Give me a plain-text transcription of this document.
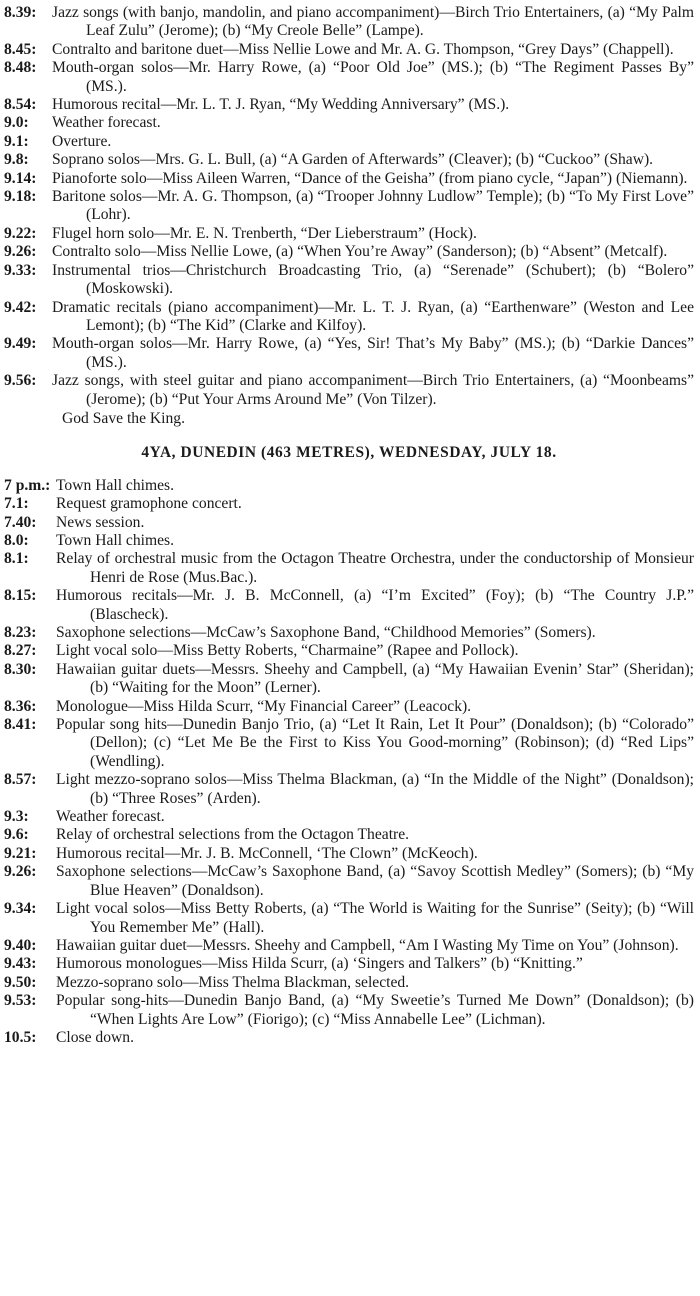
8.39: Jazz songs (with banjo, mandolin, and piano accompaniment)—Birch Trio Entertainers, (a) “My Palm Leaf Zulu” (Jerome); (b) “My Creole Belle” (Lampe).
8.45: Contralto and baritone duet—Miss Nellie Lowe and Mr. A. G. Thompson, “Grey Days” (Chappell).
8.48: Mouth-organ solos—Mr. Harry Rowe, (a) “Poor Old Joe” (MS.); (b) “The Regiment Passes By” (MS.).
8.54: Humorous recital—Mr. L. T. J. Ryan, “My Wedding Anniversary” (MS.).
9.0:	Weather forecast.
9.1:	Overture.
9.8:	Soprano solos—Mrs. G. L. Bull, (a) “A Garden of Afterwards” (Cleaver); (b) “Cuckoo” (Shaw).
9.14: Pianoforte solo—Miss Aileen Warren, “Dance of the Geisha” (from piano cycle, “Japan”) (Niemann).
9.18: Baritone solos—Mr. A. G. Thompson, (a) “Trooper Johnny Ludlow” Temple); (b) “To My First Love” (Lohr).
9.22: Flugel horn solo—Mr. E. N. Trenberth, “Der Lieberstraum” (Hock).
9.26: Contralto solo—Miss Nellie Lowe, (a) “When You’re Away” (Sanderson); (b) “Absent” (Metcalf).
9.33: Instrumental trios—Christchurch Broadcasting Trio, (a) “Serenade” (Schubert); (b) “Bolero” (Moskowski).
9.42: Dramatic recitals (piano accompaniment)—Mr. L. T. J. Ryan, (a) “Earthenware” (Weston and Lee Lemont); (b) “The Kid” (Clarke and Kilfoy).
9.49: Mouth-organ solos—Mr. Harry Rowe, (a) “Yes, Sir! That’s My Baby” (MS.); (b) “Darkie Dances” (MS.).
9.56: Jazz songs, with steel guitar and piano accompaniment—Birch Trio Entertainers, (a) “Moonbeams” (Jerome); (b) “Put Your Arms Around Me” (Von Tilzer).
God Save the King.
4YA, DUNEDIN (463 METRES), WEDNESDAY, JULY 18.
7 p.m.: Town Hall chimes.
7.1:	Request gramophone concert.
7.40:	News session.
8.0:	Town Hall chimes.
8.1:	Relay of orchestral music from the Octagon Theatre Orchestra, under the conductorship of Monsieur Henri de Rose (Mus.Bac.).
8.15:	Humorous recitals—Mr. J. B. McConnell, (a) “I’m Excited” (Foy); (b) “The Country J.P.” (Blascheck).
8.23:	Saxophone selections—McCaw’s Saxophone Band, “Childhood Memories” (Somers).
8.27:	Light vocal solo—Miss Betty Roberts, “Charmaine” (Rapee and Pollock).
8.30:	Hawaiian guitar duets—Messrs. Sheehy and Campbell, (a) “My Hawaiian Evenin’ Star” (Sheridan); (b) “Waiting for the Moon” (Lerner).
8.36:	Monologue—Miss Hilda Scurr, “My Financial Career” (Leacock).
8.41:	Popular song hits—Dunedin Banjo Trio, (a) “Let It Rain, Let It Pour” (Donaldson); (b) “Colorado” (Dellon); (c) “Let Me Be the First to Kiss You Good-morning” (Robinson); (d) “Red Lips” (Wendling).
8.57:	Light mezzo-soprano solos—Miss Thelma Blackman, (a) “In the Middle of the Night” (Donaldson); (b) “Three Roses” (Arden).
9.3:	Weather forecast.
9.6:	Relay of orchestral selections from the Octagon Theatre.
9.21:	Humorous recital—Mr. J. B. McConnell, ‘The Clown” (McKeoch).
9.26:	Saxophone selections—McCaw’s Saxophone Band, (a) “Savoy Scottish Medley” (Somers); (b) “My Blue Heaven” (Donaldson).
9.34:	Light vocal solos—Miss Betty Roberts, (a) “The World is Waiting for the Sunrise” (Seity); (b) “Will You Remember Me” (Hall).
9.40:	Hawaiian guitar duet—Messrs. Sheehy and Campbell, “Am I Wasting My Time on You” (Johnson).
9.43:	Humorous monologues—Miss Hilda Scurr, (a) ‘Singers and Talkers” (b) “Knitting.”
9.50:	Mezzo-soprano solo—Miss Thelma Blackman, selected.
9.53:	Popular song-hits—Dunedin Banjo Band, (a) “My Sweetie’s Turned Me Down” (Donaldson); (b) “When Lights Are Low” (Fiorigo); (c) “Miss Annabelle Lee” (Lichman).
10.5:	Close down.
